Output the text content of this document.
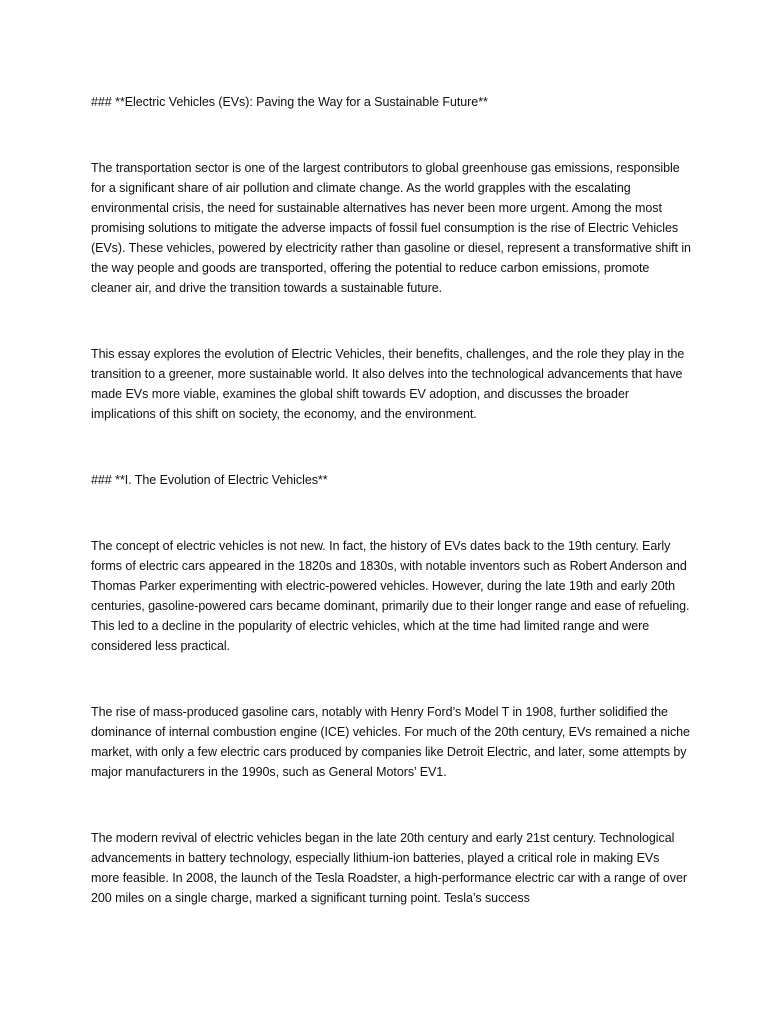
### **Electric Vehicles (EVs): Paving the Way for a Sustainable Future**

The transportation sector is one of the largest contributors to global greenhouse gas emissions, responsible for a significant share of air pollution and climate change. As the world grapples with the escalating environmental crisis, the need for sustainable alternatives has never been more urgent. Among the most promising solutions to mitigate the adverse impacts of fossil fuel consumption is the rise of Electric Vehicles (EVs). These vehicles, powered by electricity rather than gasoline or diesel, represent a transformative shift in the way people and goods are transported, offering the potential to reduce carbon emissions, promote cleaner air, and drive the transition towards a sustainable future.

This essay explores the evolution of Electric Vehicles, their benefits, challenges, and the role they play in the transition to a greener, more sustainable world. It also delves into the technological advancements that have made EVs more viable, examines the global shift towards EV adoption, and discusses the broader implications of this shift on society, the economy, and the environment.

### **I. The Evolution of Electric Vehicles**

The concept of electric vehicles is not new. In fact, the history of EVs dates back to the 19th century. Early forms of electric cars appeared in the 1820s and 1830s, with notable inventors such as Robert Anderson and Thomas Parker experimenting with electric-powered vehicles. However, during the late 19th and early 20th centuries, gasoline-powered cars became dominant, primarily due to their longer range and ease of refueling. This led to a decline in the popularity of electric vehicles, which at the time had limited range and were considered less practical.

The rise of mass-produced gasoline cars, notably with Henry Ford’s Model T in 1908, further solidified the dominance of internal combustion engine (ICE) vehicles. For much of the 20th century, EVs remained a niche market, with only a few electric cars produced by companies like Detroit Electric, and later, some attempts by major manufacturers in the 1990s, such as General Motors’ EV1.

The modern revival of electric vehicles began in the late 20th century and early 21st century. Technological advancements in battery technology, especially lithium-ion batteries, played a critical role in making EVs more feasible. In 2008, the launch of the Tesla Roadster, a high-performance electric car with a range of over 200 miles on a single charge, marked a significant turning point. Tesla’s success
